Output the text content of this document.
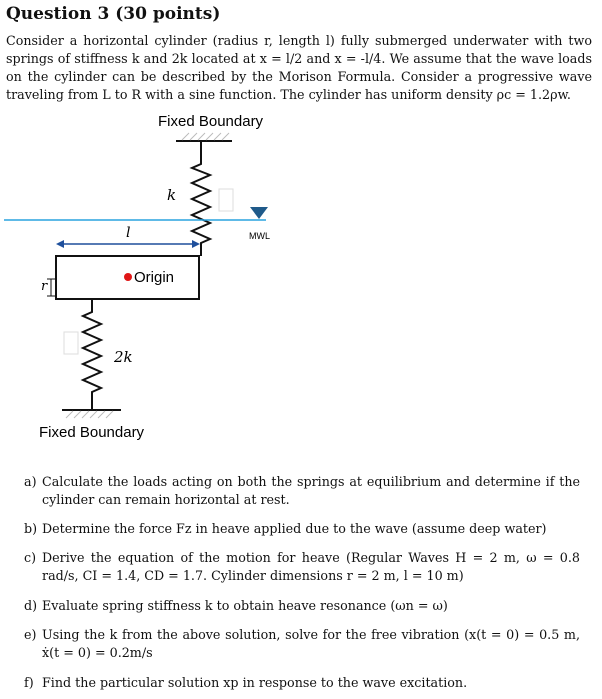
Question 3 (30 points)

Consider a horizontal cylinder (radius r, length l) fully submerged underwater with two springs of stiffness k and 2k located at x = l/2 and x = -l/4. We assume that the wave loads on the cylinder can be described by the Morison Formula. Consider a progressive wave traveling from L to R with a sine function. The cylinder has uniform density ρc = 1.2ρw.

Fixed Boundary
k
MWL
l
Origin
r
2k
Fixed Boundary
a) Calculate the loads acting on both the springs at equilibrium and determine if the cylinder can remain horizontal at rest.
b) Determine the force Fz in heave applied due to the wave (assume deep water)
c) Derive the equation of the motion for heave (Regular Waves H = 2 m, ω = 0.8 rad/s, CI = 1.4, CD = 1.7. Cylinder dimensions r = 2 m, l = 10 m)
d) Evaluate spring stiffness k to obtain heave resonance (ωn = ω)
e) Using the k from the above solution, solve for the free vibration (x(t = 0) = 0.5 m, ẋ(t = 0) = 0.2m/s
f) Find the particular solution xp in response to the wave excitation.
